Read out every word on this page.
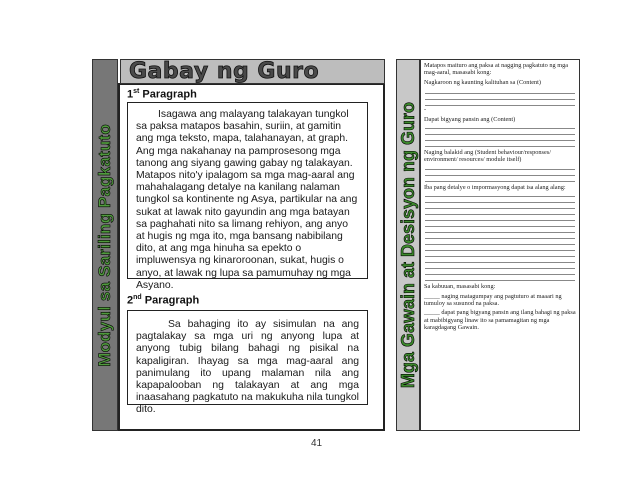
Modyul sa Sariling Pagkatuto
Gabay ng Guro
1st Paragraph

Isagawa ang malayang talakayan tungkol sa paksa matapos basahin, suriin, at gamitin ang mga teksto, mapa, talahanayan, at graph. Ang mga nakahanay na pamprosesong mga tanong ang siyang gawing gabay ng talakayan. Matapos nito'y ipalagom sa mga mag-aaral ang mahahalagang detalye na kanilang nalaman tungkol sa kontinente ng Asya, partikular na ang sukat at lawak nito gayundin ang mga batayan sa paghahati nito sa limang rehiyon, ang anyo at hugis ng mga ito, mga bansang nabibilang dito, at ang mga hinuha sa epekto o impluwensya ng kinaroroonan, sukat, hugis o anyo, at lawak ng lupa sa pamumuhay ng mga Asyano.

2nd Paragraph

Sa bahaging ito ay sisimulan na ang pagtalakay sa mga uri ng anyong lupa at anyong tubig bilang bahagi ng pisikal na kapaligiran. Ihayag sa mga mag-aaral ang panimulang ito upang malaman nila ang kapapalooban ng talakayan at ang mga inaasahang pagkatuto na makukuha nila tungkol dito.

Mga Gawain at Desisyon ng Guro
Matapos maituro ang paksa at nagging pagkatuto ng mga mag-aaral, masasabi kong:
Nagkaroon ng kaunting kalituhan sa (Content)
-
Dapat bigyang pansin ang (Content)
Naging balakid ang (Student behaviour/responses/ environment/ resources/ module itself)
Iba pang detalye o impormasyong dapat isa alang alang:
Sa kabuuan, masasabi kong:
_____ naging matagumpay ang pagtuturo at maaari ng tumuloy sa susunod na paksa.
_____ dapat pang bigyang pansin ang ilang bahagi ng paksa at mabibigyang linaw ito sa pamamagitan ng mga karagdagang Gawain.
41
